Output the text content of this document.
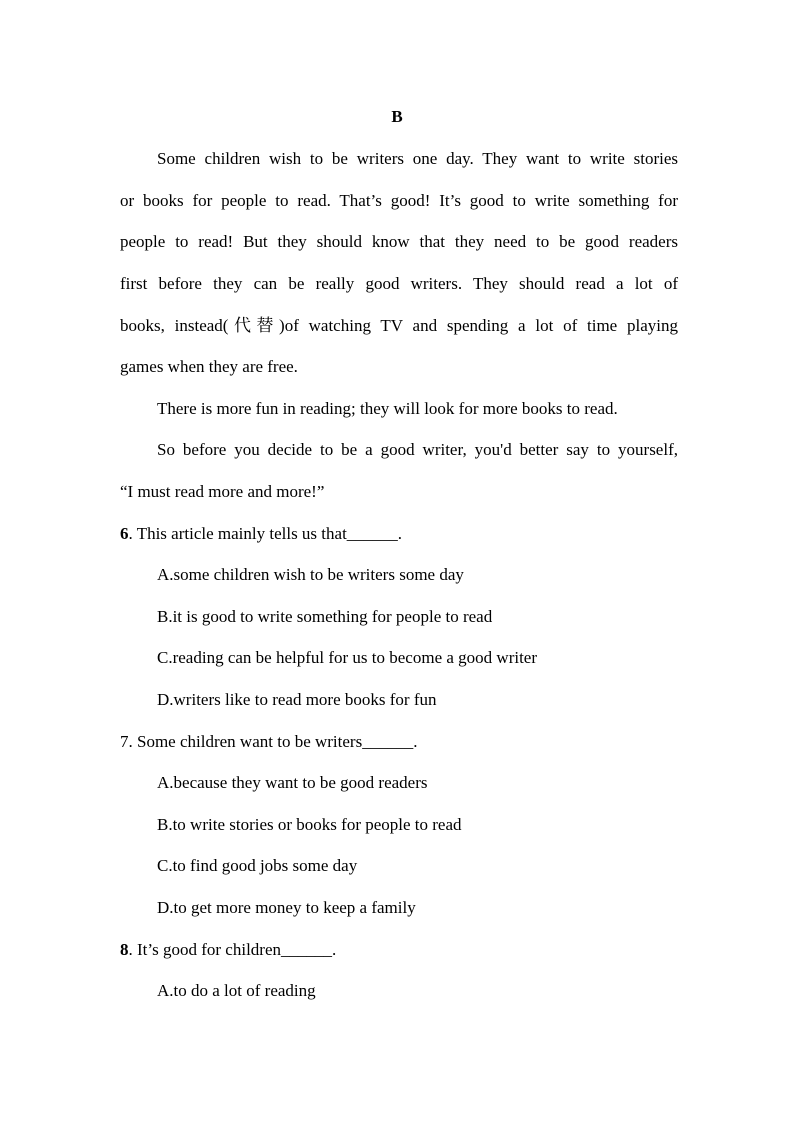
B
Some children wish to be writers one day. They want to write stories
or books for people to read. That’s good! It’s good to write something for
people to read! But they should know that they need to be good readers
first before they can be really good writers. They should read a lot of
books, instead(代替)of watching TV and spending a lot of time playing
games when they are free.
There is more fun in reading; they will look for more books to read.
So before you decide to be a good writer, you'd better say to yourself,
“I must read more and more!”
6. This article mainly tells us that______.
A.some children wish to be writers some day
B.it is good to write something for people to read
C.reading can be helpful for us to become a good writer
D.writers like to read more books for fun
7. Some children want to be writers______.
A.because they want to be good readers
B.to write stories or books for people to read
C.to find good jobs some day
D.to get more money to keep a family
8. It’s good for children______.
A.to do a lot of reading
